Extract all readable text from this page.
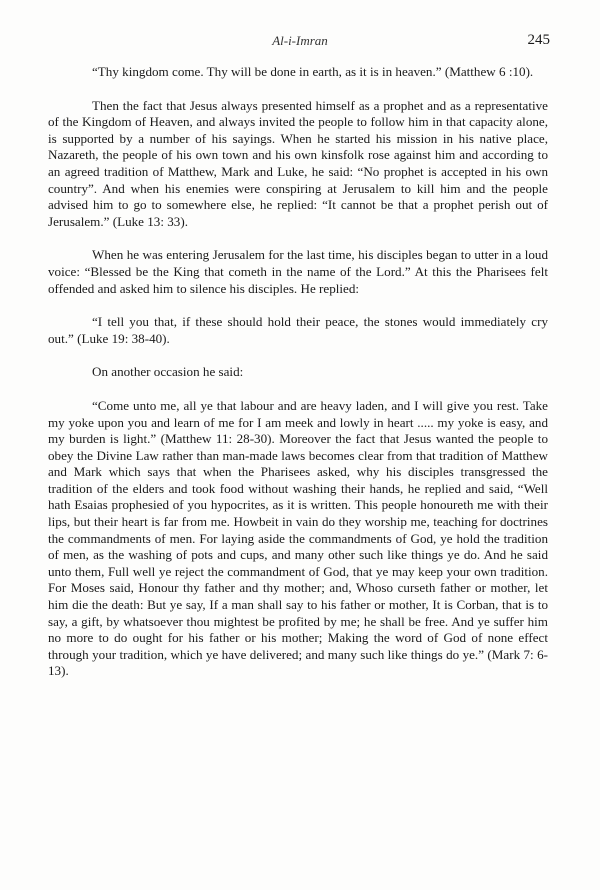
Al-i-Imran	245

“Thy kingdom come. Thy will be done in earth, as it is in heaven.” (Matthew 6 :10).

Then the fact that Jesus always presented himself as a prophet and as a representative of the Kingdom of Heaven, and always invited the people to follow him in that capacity alone, is supported by a number of his sayings. When he started his mission in his native place, Nazareth, the people of his own town and his own kinsfolk rose against him and according to an agreed tradition of Matthew, Mark and Luke, he said: “No prophet is accepted in his own country”. And when his enemies were conspiring at Jerusalem to kill him and the people advised him to go to somewhere else, he replied: “It cannot be that a prophet perish out of Jerusalem.” (Luke 13: 33).

When he was entering Jerusalem for the last time, his disciples began to utter in a loud voice: “Blessed be the King that cometh in the name of the Lord.” At this the Pharisees felt offended and asked him to silence his disciples. He replied:

“I tell you that, if these should hold their peace, the stones would immediately cry out.” (Luke 19: 38-40).

On another occasion he said:

“Come unto me, all ye that labour and are heavy laden, and I will give you rest. Take my yoke upon you and learn of me for I am meek and lowly in heart ..... my yoke is easy, and my burden is light.” (Matthew 11: 28-30). Moreover the fact that Jesus wanted the people to obey the Divine Law rather than man-made laws becomes clear from that tradition of Matthew and Mark which says that when the Pharisees asked, why his disciples transgressed the tradition of the elders and took food without washing their hands, he replied and said, “Well hath Esaias prophesied of you hypocrites, as it is written. This people honoureth me with their lips, but their heart is far from me. Howbeit in vain do they worship me, teaching for doctrines the commandments of men. For laying aside the commandments of God, ye hold the tradition of men, as the washing of pots and cups, and many other such like things ye do. And he said unto them, Full well ye reject the commandment of God, that ye may keep your own tradition. For Moses said, Honour thy father and thy mother; and, Whoso curseth father or mother, let him die the death: But ye say, If a man shall say to his father or mother, It is Corban, that is to say, a gift, by whatsoever thou mightest be profited by me; he shall be free. And ye suffer him no more to do ought for his father or his mother; Making the word of God of none effect through your tradition, which ye have delivered; and many such like things do ye.” (Mark 7: 6-13).
